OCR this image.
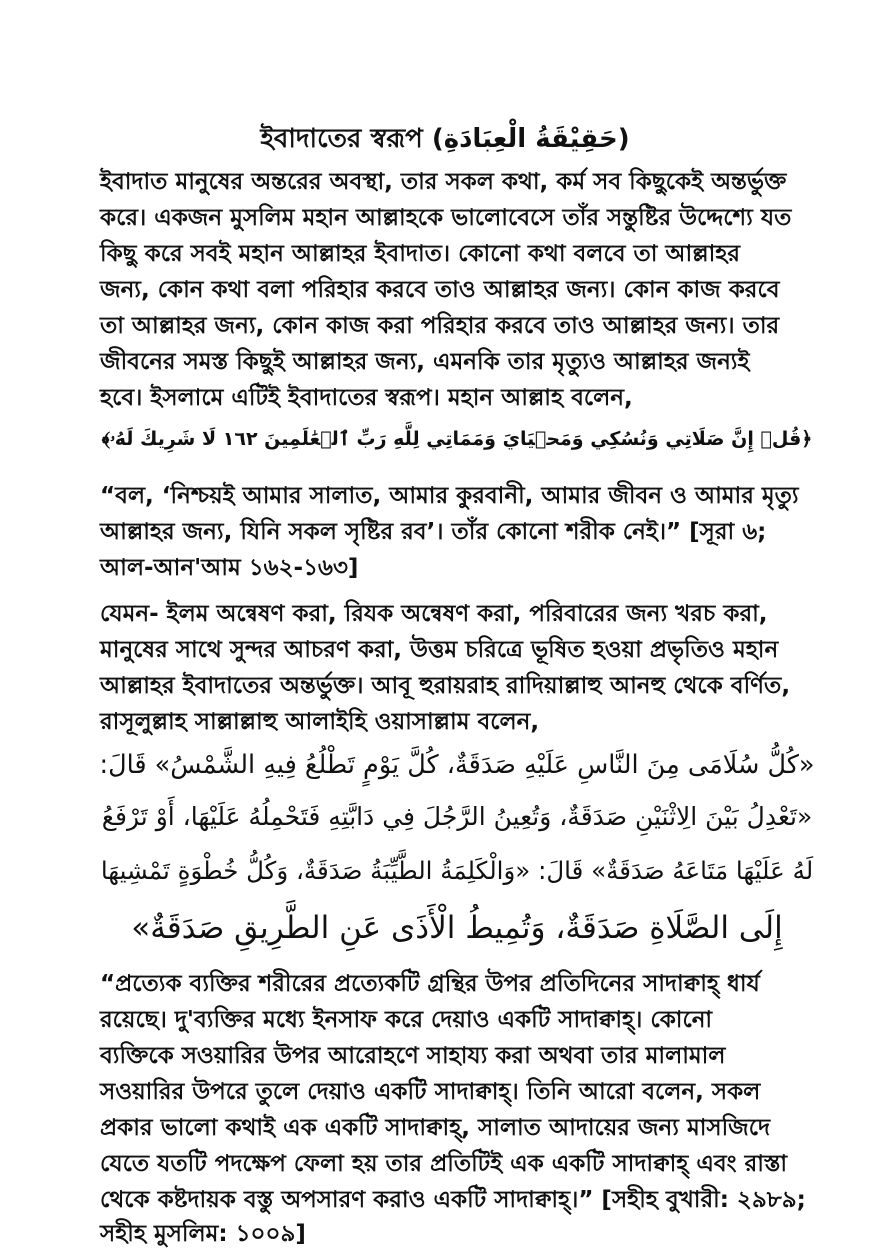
ইবাদাতের স্বরূপ (حَقِيْقَةُ الْعِبَادَةِ)
ইবাদাত মানুষের অন্তরের অবস্থা, তার সকল কথা, কর্ম সব কিছুকেই অন্তর্ভুক্ত
করে। একজন মুসলিম মহান আল্লাহকে ভালোবেসে তাঁর সন্তুষ্টির উদ্দেশ্যে যত
কিছু করে সবই মহান আল্লাহর ইবাদাত। কোনো কথা বলবে তা আল্লাহর
জন্য, কোন কথা বলা পরিহার করবে তাও আল্লাহর জন্য। কোন কাজ করবে
তা আল্লাহর জন্য, কোন কাজ করা পরিহার করবে তাও আল্লাহর জন্য। তার
জীবনের সমস্ত কিছুই আল্লাহর জন্য, এমনকি তার মৃত্যুও আল্লাহর জন্যই
হবে। ইসলামে এটিই ইবাদাতের স্বরূপ। মহান আল্লাহ বলেন,
﴿قُلۡ إِنَّ صَلَاتِي وَنُسُكِي وَمَحۡيَايَ وَمَمَاتِي لِلَّهِ رَبِّ ٱلۡعَٰلَمِينَ ١٦٢ لَا شَرِيكَ لَهُۥ﴾
“বল, ‘নিশ্চয়ই আমার সালাত, আমার কুরবানী, আমার জীবন ও আমার মৃত্যু
আল্লাহর জন্য, যিনি সকল সৃষ্টির রব’। তাঁর কোনো শরীক নেই।” [সূরা ৬;
আল-আন'আম ১৬২-১৬৩]
যেমন- ইলম অন্বেষণ করা, রিযক অন্বেষণ করা, পরিবারের জন্য খরচ করা,
মানুষের সাথে সুন্দর আচরণ করা, উত্তম চরিত্রে ভূষিত হওয়া প্রভৃতিও মহান
আল্লাহর ইবাদাতের অন্তর্ভুক্ত। আবূ হুরায়রাহ রাদিয়াল্লাহু আনহু থেকে বর্ণিত,
রাসূলুল্লাহ সাল্লাল্লাহু আলাইহি ওয়াসাল্লাম বলেন,
«كُلُّ سُلَامَى مِنَ النَّاسِ عَلَيْهِ صَدَقَةٌ، كُلَّ يَوْمٍ تَطْلُعُ فِيهِ الشَّمْسُ» قَالَ:
«تَعْدِلُ بَيْنَ الِاثْنَيْنِ صَدَقَةٌ، وَتُعِينُ الرَّجُلَ فِي دَابَّتِهِ فَتَحْمِلُهُ عَلَيْهَا، أَوْ تَرْفَعُ
لَهُ عَلَيْهَا مَتَاعَهُ صَدَقَةٌ» قَالَ: «وَالْكَلِمَةُ الطَّيِّبَةُ صَدَقَةٌ، وَكُلُّ خُطْوَةٍ تَمْشِيهَا
إِلَى الصَّلَاةِ صَدَقَةٌ، وَتُمِيطُ الْأَذَى عَنِ الطَّرِيقِ صَدَقَةٌ»
“প্রত্যেক ব্যক্তির শরীরের প্রত্যেকটি গ্রন্থির উপর প্রতিদিনের সাদাক্বাহ্ ধার্য
রয়েছে। দু'ব্যক্তির মধ্যে ইনসাফ করে দেয়াও একটি সাদাক্বাহ্। কোনো
ব্যক্তিকে সওয়ারির উপর আরোহণে সাহায্য করা অথবা তার মালামাল
সওয়ারির উপরে তুলে দেয়াও একটি সাদাক্বাহ্। তিনি আরো বলেন, সকল
প্রকার ভালো কথাই এক একটি সাদাক্বাহ্, সালাত আদায়ের জন্য মাসজিদে
যেতে যতটি পদক্ষেপ ফেলা হয় তার প্রতিটিই এক একটি সাদাক্বাহ্ এবং রাস্তা
থেকে কষ্টদায়ক বস্তু অপসারণ করাও একটি সাদাক্বাহ্।” [সহীহ বুখারী: ২৯৮৯;
সহীহ মুসলিম: ১০০৯]
